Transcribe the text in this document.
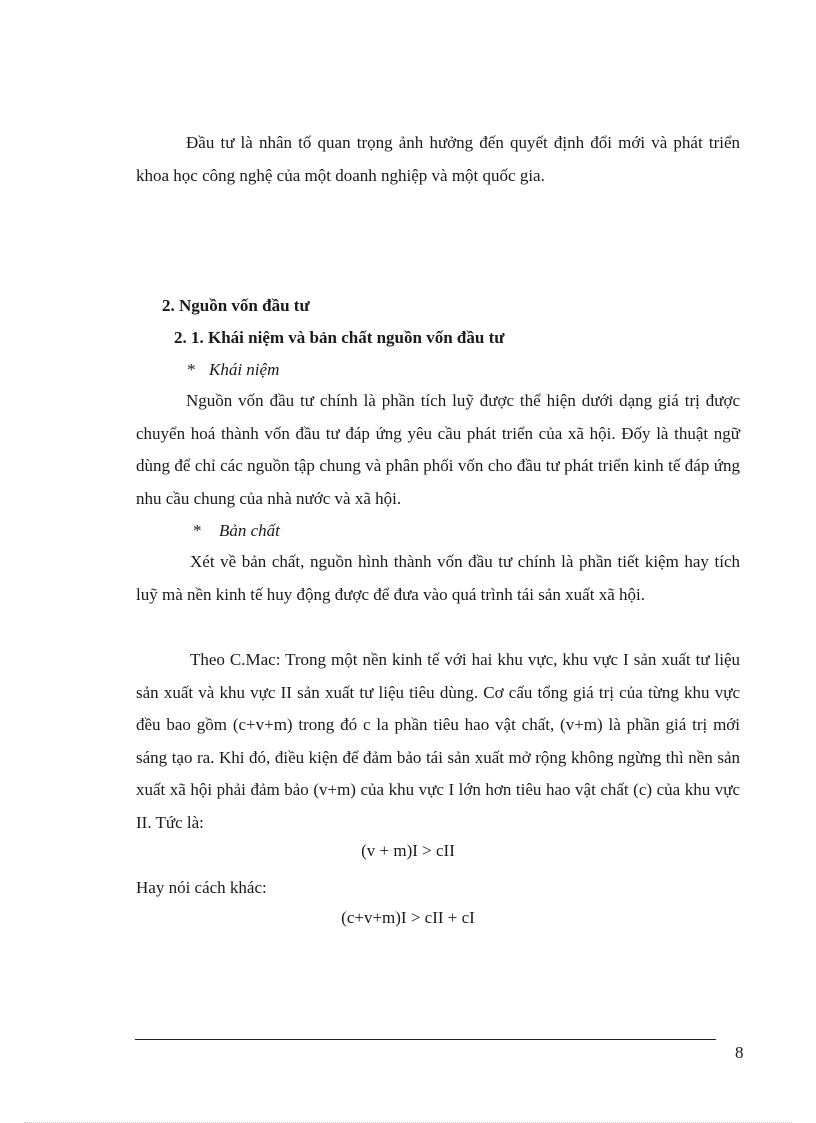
Đầu tư là nhân tố quan trọng ảnh hưởng đến quyết định đổi mới và phát triển khoa học công nghệ của một doanh nghiệp và một quốc gia.

2. Nguồn vốn đầu tư

2. 1. Khái niệm và bản chất nguồn vốn đầu tư

* Khái niệm

Nguồn vốn đầu tư chính là phần tích luỹ được thể hiện dưới dạng giá trị được chuyển hoá thành vốn đầu tư đáp ứng yêu cầu phát triển của xã hội. Đốy là thuật ngữ dùng để chỉ các nguồn tập chung và phân phối vốn cho đầu tư phát triển kinh tế đáp ứng nhu cầu chung của nhà nước và xã hội.

* Bản chất

Xét về bản chất, nguồn hình thành vốn đầu tư chính là phần tiết kiệm hay tích luỹ mà nền kinh tế huy động được để đưa vào quá trình tái sản xuất xã hội.

Theo C.Mac: Trong một nền kinh tế với hai khu vực, khu vực I sản xuất tư liệu sản xuất và khu vực II sản xuất tư liệu tiêu dùng. Cơ cấu tổng giá trị của từng khu vực đều bao gồm (c+v+m) trong đó c la phần tiêu hao vật chất, (v+m) là phần giá trị mới sáng tạo ra. Khi đó, điều kiện để đảm bảo tái sản xuất mở rộng không ngừng thì nền sản xuất xã hội phải đảm bảo (v+m) của khu vực I lớn hơn tiêu hao vật chất (c) của khu vực II. Tức là:

(v + m)I > cII

Hay nói cách khác:

(c+v+m)I > cII + cI

8
